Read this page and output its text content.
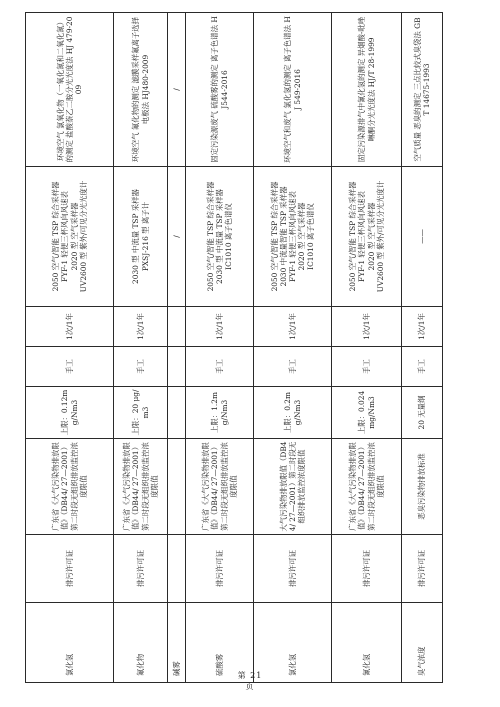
氯化氢	排污许可证	广东省《大气污染物排放限值》（DB44/ 27—2001）第二时段无组织排放监控浓度限值	上限：0.12mg/Nm3	手工	1次/1年	2050 空气/智能 TSP 综合采样器 FYF-1 轻便三杯风向风速表 2020 型 空气采样器 UV2600 型 紫外/可见分光光度计	环境空气 氯氧化物（一氧化氮和二氧化氮）的测定 盐酸萘乙二胺分光光度法 HJ 479-2009
氟化物	排污许可证	广东省《大气污染物排放限值》（DB44/ 27—2001）第二时段无组织排放监控浓度限值	上限：20 μg/m3	手工	1次/1年	2030 型 中流量 TSP 采样器 PXSJ-216 型 离子计	环境空气 氟化物的测定 滤膜采样氟离子选择电极法 HJ480-2009
碱雾						/	/
硫酸雾	排污许可证	广东省《大气污染物排放限值》（DB44/ 27—2001）第二时段无组织排放监控浓度限值	上限：1.2mg/Nm3	手工	1次/1年	2050 空气/智能 TSP 综合采样器 2030 型 中流量 TSP 采样器 IC1010 离子色谱仪	固定污染源废气 硫酸雾的测定 离子色谱法 HJ544-2016
氯化氢	排污许可证	大气污染物排放限值（DB44/ 27—2001）第二时段无组织排放监控浓度限值	上限：0.2mg/Nm3	手工	1次/1年	2050 空气/智能 TSP 综合采样器 2030 中流量智能 TSP 采样器 FYF-1 轻便三杯风向风速表 2020 型 空气采样器 IC1010 离子色谱仪	环境空气和废气 氯化氢的测定 离子色谱法 HJ 549-2016
氰化氢	排污许可证	广东省《大气污染物排放限值》（DB44/ 27—2001）第二时段无组织排放监控浓度限值	上限：0.024mg/Nm3	手工	1次/1年	2050 空气/智能 TSP 综合采样器 FYF-1 轻便三杯风向风速表 2020 型 空气采样器 UV2600 型 紫外/可见分光光度计	固定污染源排气中氰化氢的测定 异烟酸-吡唑啉酮分光光度法 HJ/T 28-1999
臭气浓度	排污许可证	恶臭污染物排放标准	20 无量纲	手工	1次/1年	——	空气质量 恶臭的测定 三点比较式臭袋法 GB T 14675-1993
第 21 页
